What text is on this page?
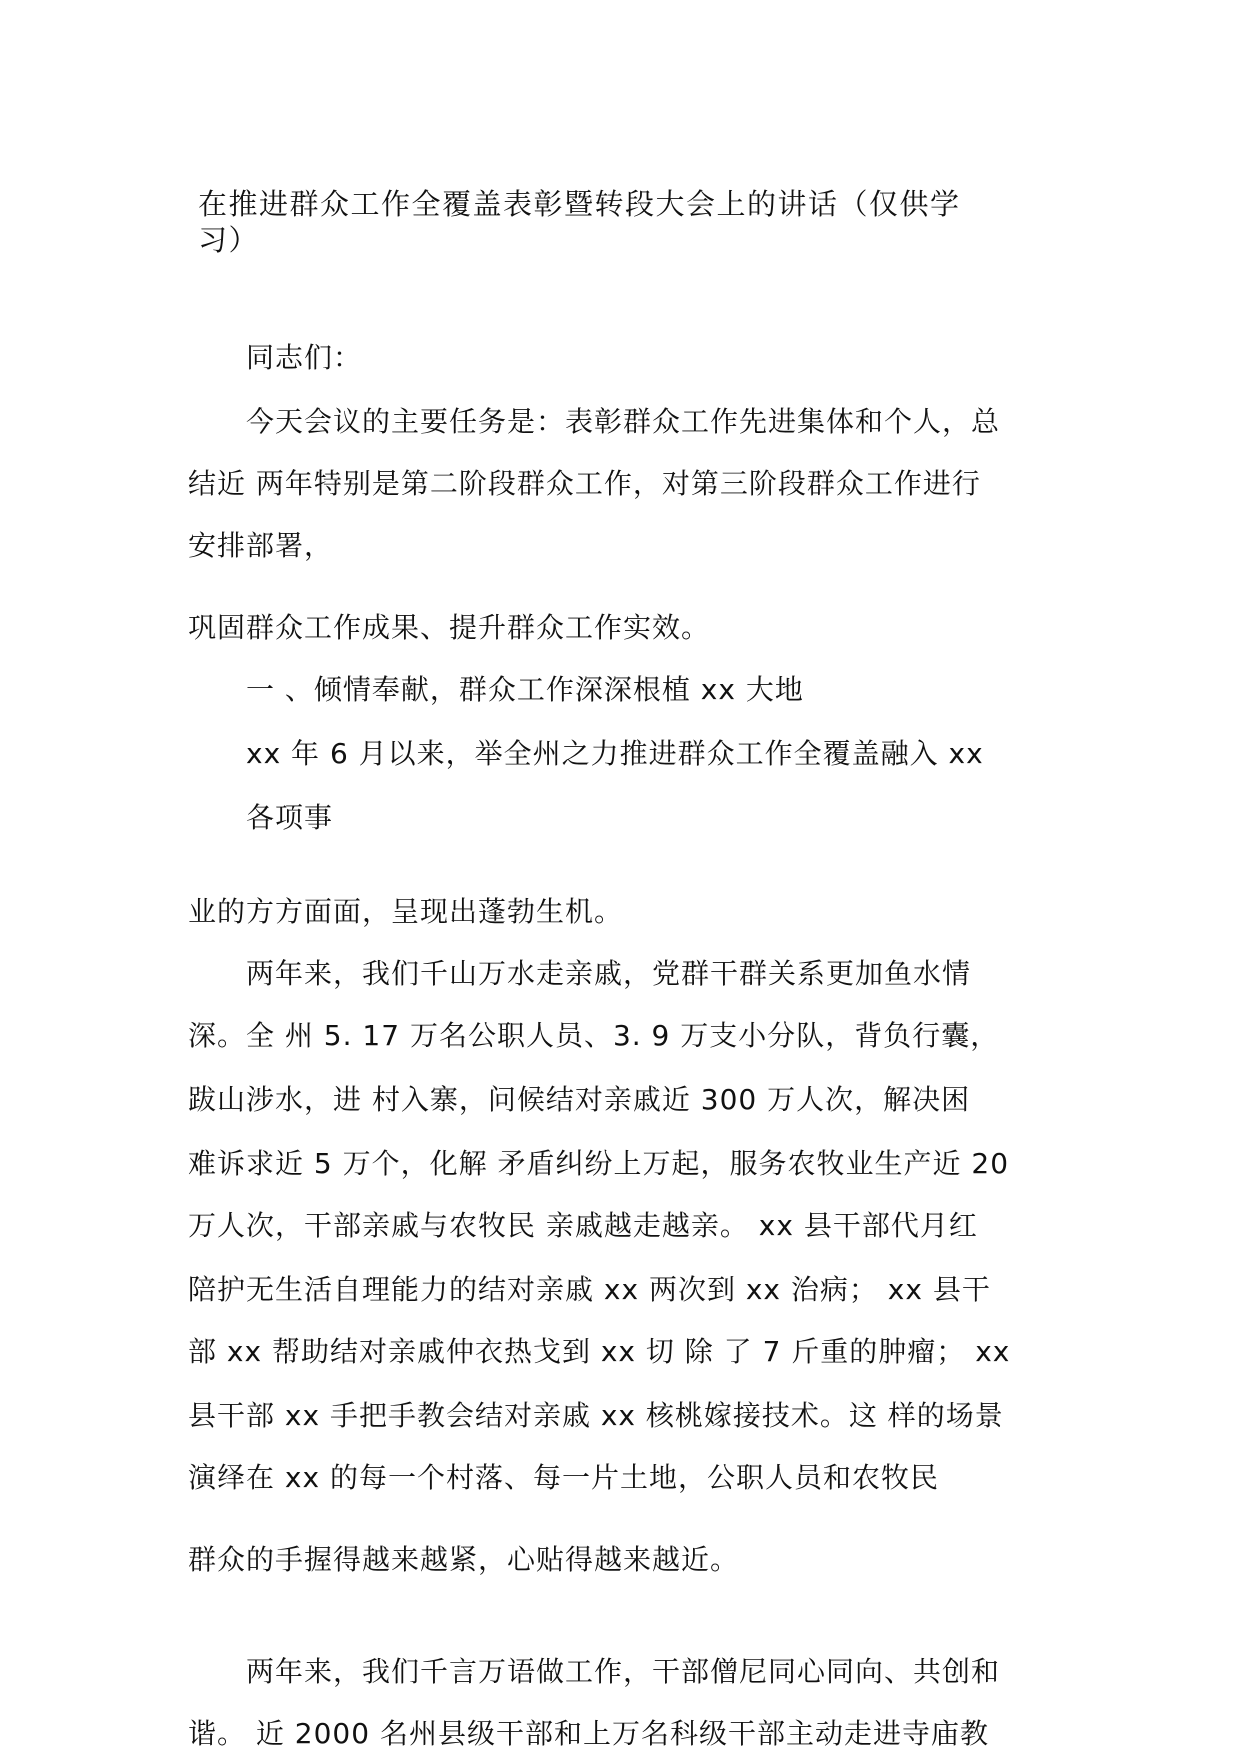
在推进群众工作全覆盖表彰暨转段大会上的讲话（仅供学
习）
同志们：
今天会议的主要任务是：表彰群众工作先进集体和个人，总
结近 两年特别是第二阶段群众工作，对第三阶段群众工作进行
安排部署，
巩固群众工作成果、提升群众工作实效。
一 、倾情奉献，群众工作深深根植 xx 大地
xx 年 6 月以来，举全州之力推进群众工作全覆盖融入 xx
各项事
业的方方面面，呈现出蓬勃生机。
两年来，我们千山万水走亲戚，党群干群关系更加鱼水情
深。全 州 5. 17 万名公职人员、3. 9 万支小分队，背负行囊，
跋山涉水，进 村入寨，问候结对亲戚近 300 万人次，解决困
难诉求近 5 万个，化解 矛盾纠纷上万起，服务农牧业生产近 20
万人次，干部亲戚与农牧民 亲戚越走越亲。 xx 县干部代月红
陪护无生活自理能力的结对亲戚 xx 两次到 xx 治病； xx 县干
部 xx 帮助结对亲戚仲衣热戈到 xx 切 除 了 7 斤重的肿瘤； xx
县干部 xx 手把手教会结对亲戚 xx 核桃嫁接技术。这 样的场景
演绎在 xx 的每一个村落、每一片土地，公职人员和农牧民
群众的手握得越来越紧，心贴得越来越近。
两年来，我们千言万语做工作，干部僧尼同心同向、共创和
谐。 近 2000 名州县级干部和上万名科级干部主动走进寺庙教
